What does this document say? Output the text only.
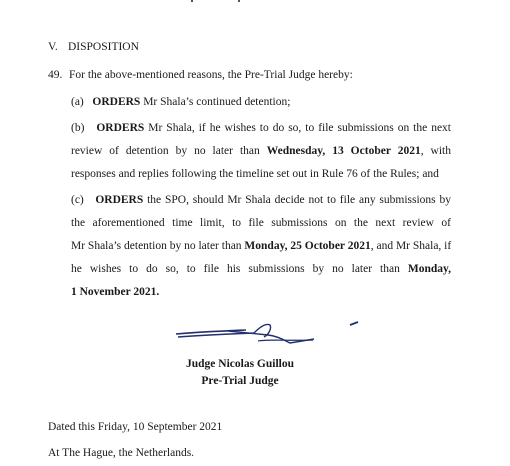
V. DISPOSITION
49. For the above-mentioned reasons, the Pre-Trial Judge hereby:
(a) ORDERS Mr Shala’s continued detention;
(b) ORDERS Mr Shala, if he wishes to do so, to file submissions on the next
review of detention by no later than Wednesday, 13 October 2021, with
responses and replies following the timeline set out in Rule 76 of the Rules; and
(c) ORDERS the SPO, should Mr Shala decide not to file any submissions by
the aforementioned time limit, to file submissions on the next review of
Mr Shala’s detention by no later than Monday, 25 October 2021, and Mr Shala, if
he wishes to do so, to file his submissions by no later than Monday,
1 November 2021.
Judge Nicolas Guillou
Pre-Trial Judge
Dated this Friday, 10 September 2021
At The Hague, the Netherlands.
